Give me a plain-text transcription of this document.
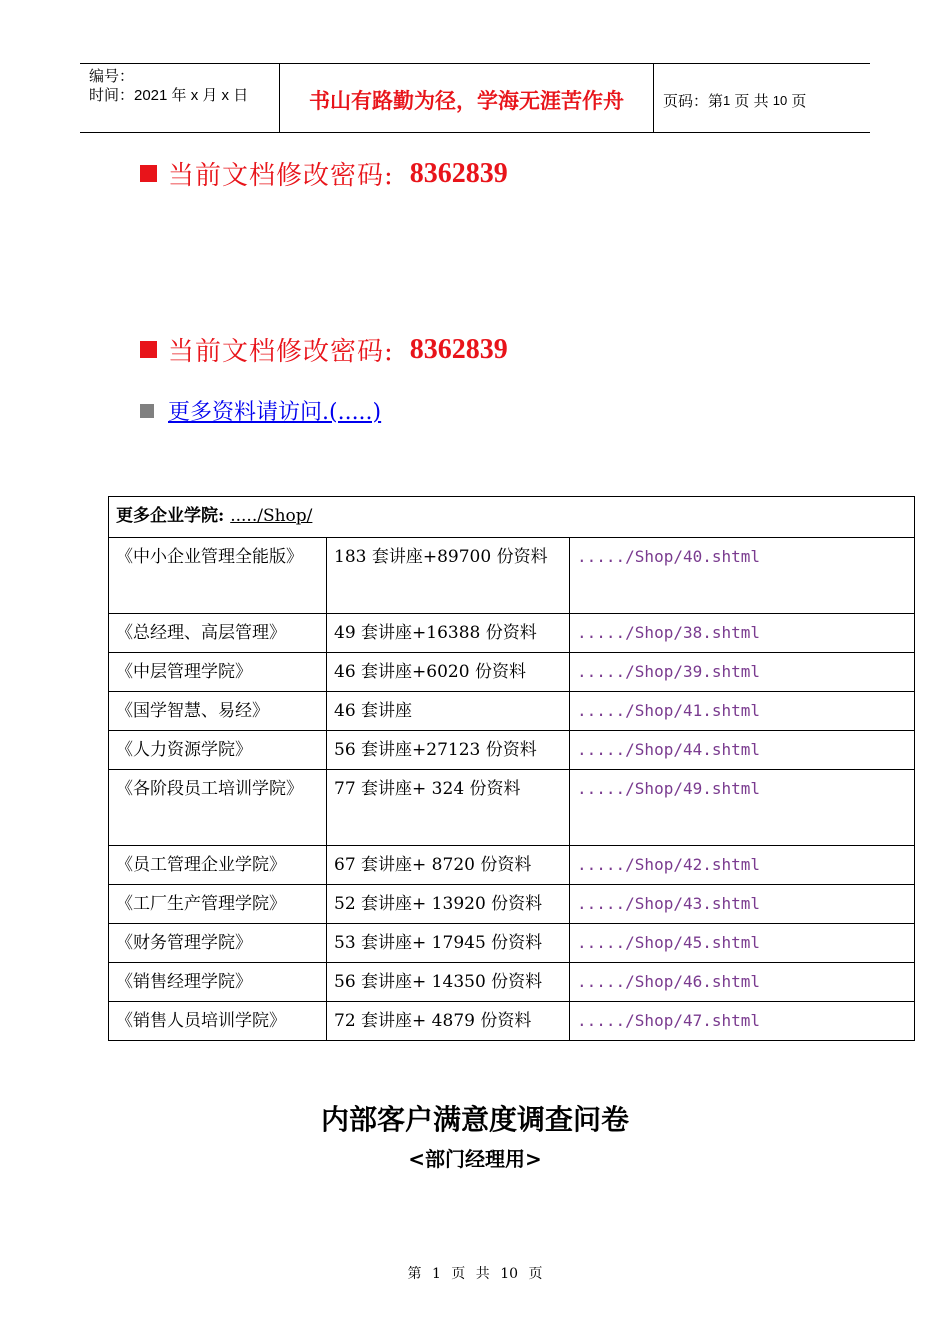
编号：
时间：2021 年 x 月 x 日	书山有路勤为径，学海无涯苦作舟	页码：第 1
页 共
10
页
当前文档修改密码: 8362839
当前文档修改密码: 8362839
更多资料请访问.(.....)
更多企业学院: ...../Shop/		
《中小企业管理全能版》	183 套讲座+89700 份资料	...../Shop/40.shtml
《总经理、高层管理》	49 套讲座+16388 份资料	...../Shop/38.shtml
《中层管理学院》	46 套讲座+6020 份资料	...../Shop/39.shtml
《国学智慧、易经》	46 套讲座	...../Shop/41.shtml
《人力资源学院》	56 套讲座+27123 份资料	...../Shop/44.shtml
《各阶段员工培训学院》	77 套讲座+ 324 份资料	...../Shop/49.shtml
《员工管理企业学院》	67 套讲座+ 8720 份资料	...../Shop/42.shtml
《工厂生产管理学院》	52 套讲座+ 13920 份资料	...../Shop/43.shtml
《财务管理学院》	53 套讲座+ 17945 份资料	...../Shop/45.shtml
《销售经理学院》	56 套讲座+ 14350 份资料	...../Shop/46.shtml
《销售人员培训学院》	72 套讲座+ 4879 份资料	...../Shop/47.shtml
内部客户满意度调查问卷
<部门经理用>
第 1 页 共 10 页
